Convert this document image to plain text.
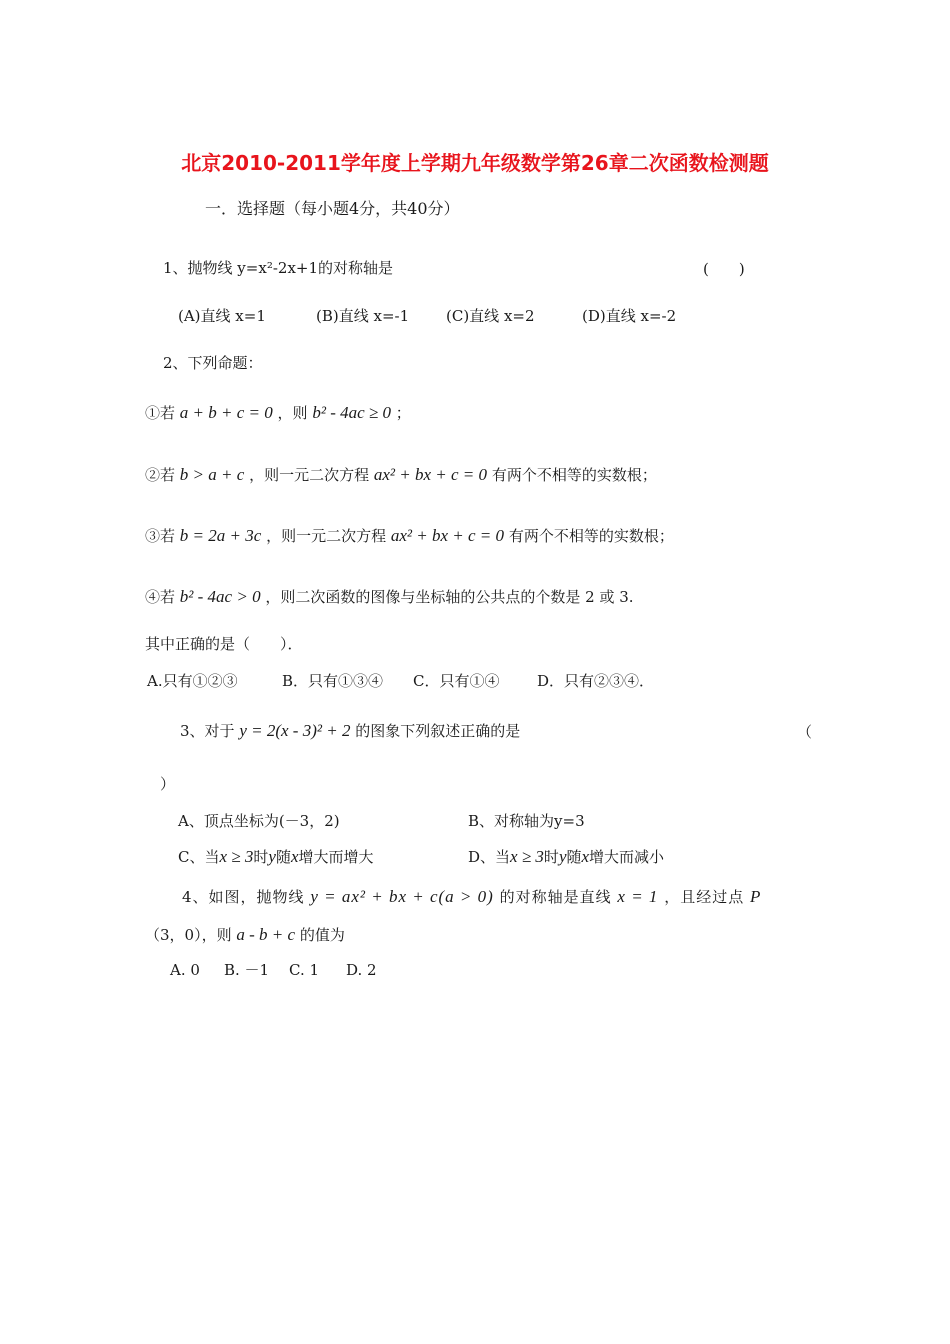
北京2010-2011学年度上学期九年级数学第26章二次函数检测题
一．选择题（每小题4分，共40分）
1、抛物线 y=x²-2x+1的对称轴是	(　　)
(A)直线 x=1	(B)直线 x=-1 (C)直线 x=2	(D)直线 x=-2
2、下列命题：
①若 a + b + c = 0 ，则 b² - 4ac ≥ 0 ；
②若 b > a + c ，则一元二次方程 ax² + bx + c = 0 有两个不相等的实数根；
③若 b = 2a + 3c ，则一元二次方程 ax² + bx + c = 0 有两个不相等的实数根；
④若 b² - 4ac > 0 ，则二次函数的图像与坐标轴的公共点的个数是 2 或 3.
其中正确的是（　　）．
A.只有①②③	B．只有①③④ C．只有①④	D．只有②③④．
3、对于 y = 2(x - 3)² + 2 的图象下列叙述正确的是	（
）
A、顶点坐标为(－3，2)	B、对称轴为y=3
C、当x ≥ 3时y随x增大而增大	D、当x ≥ 3时y随x增大而减小
4、如图，抛物线 y = ax² + bx + c(a > 0) 的对称轴是直线 x = 1 ，且经过点 P
（3，0），则 a - b + c 的值为
A. 0 B. －1 C. 1 D. 2
